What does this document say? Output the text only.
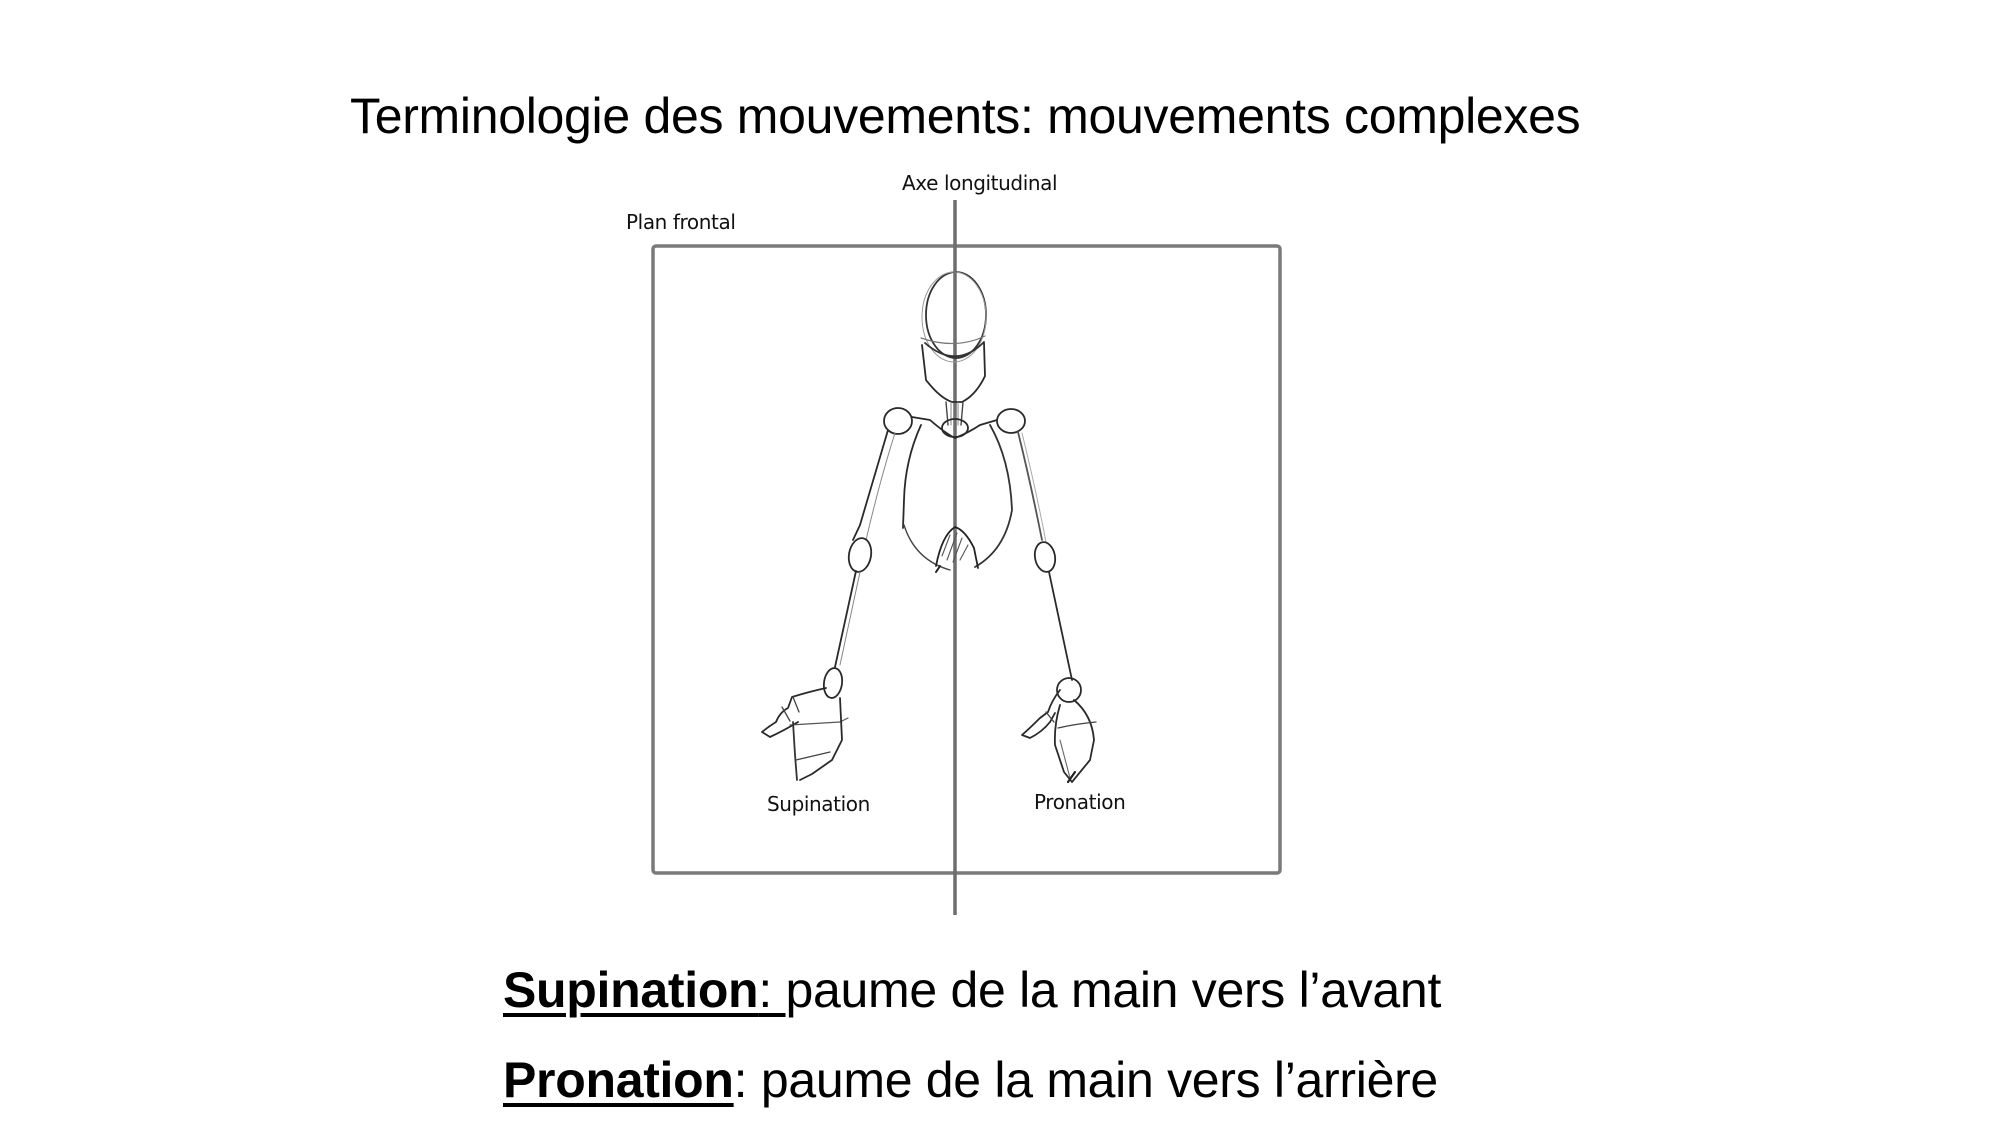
Terminologie des mouvements: mouvements complexes
Axe longitudinal
Plan frontal
Supination	Pronation
Supination: paume de la main vers l’avant
Pronation: paume de la main vers l’arrière
